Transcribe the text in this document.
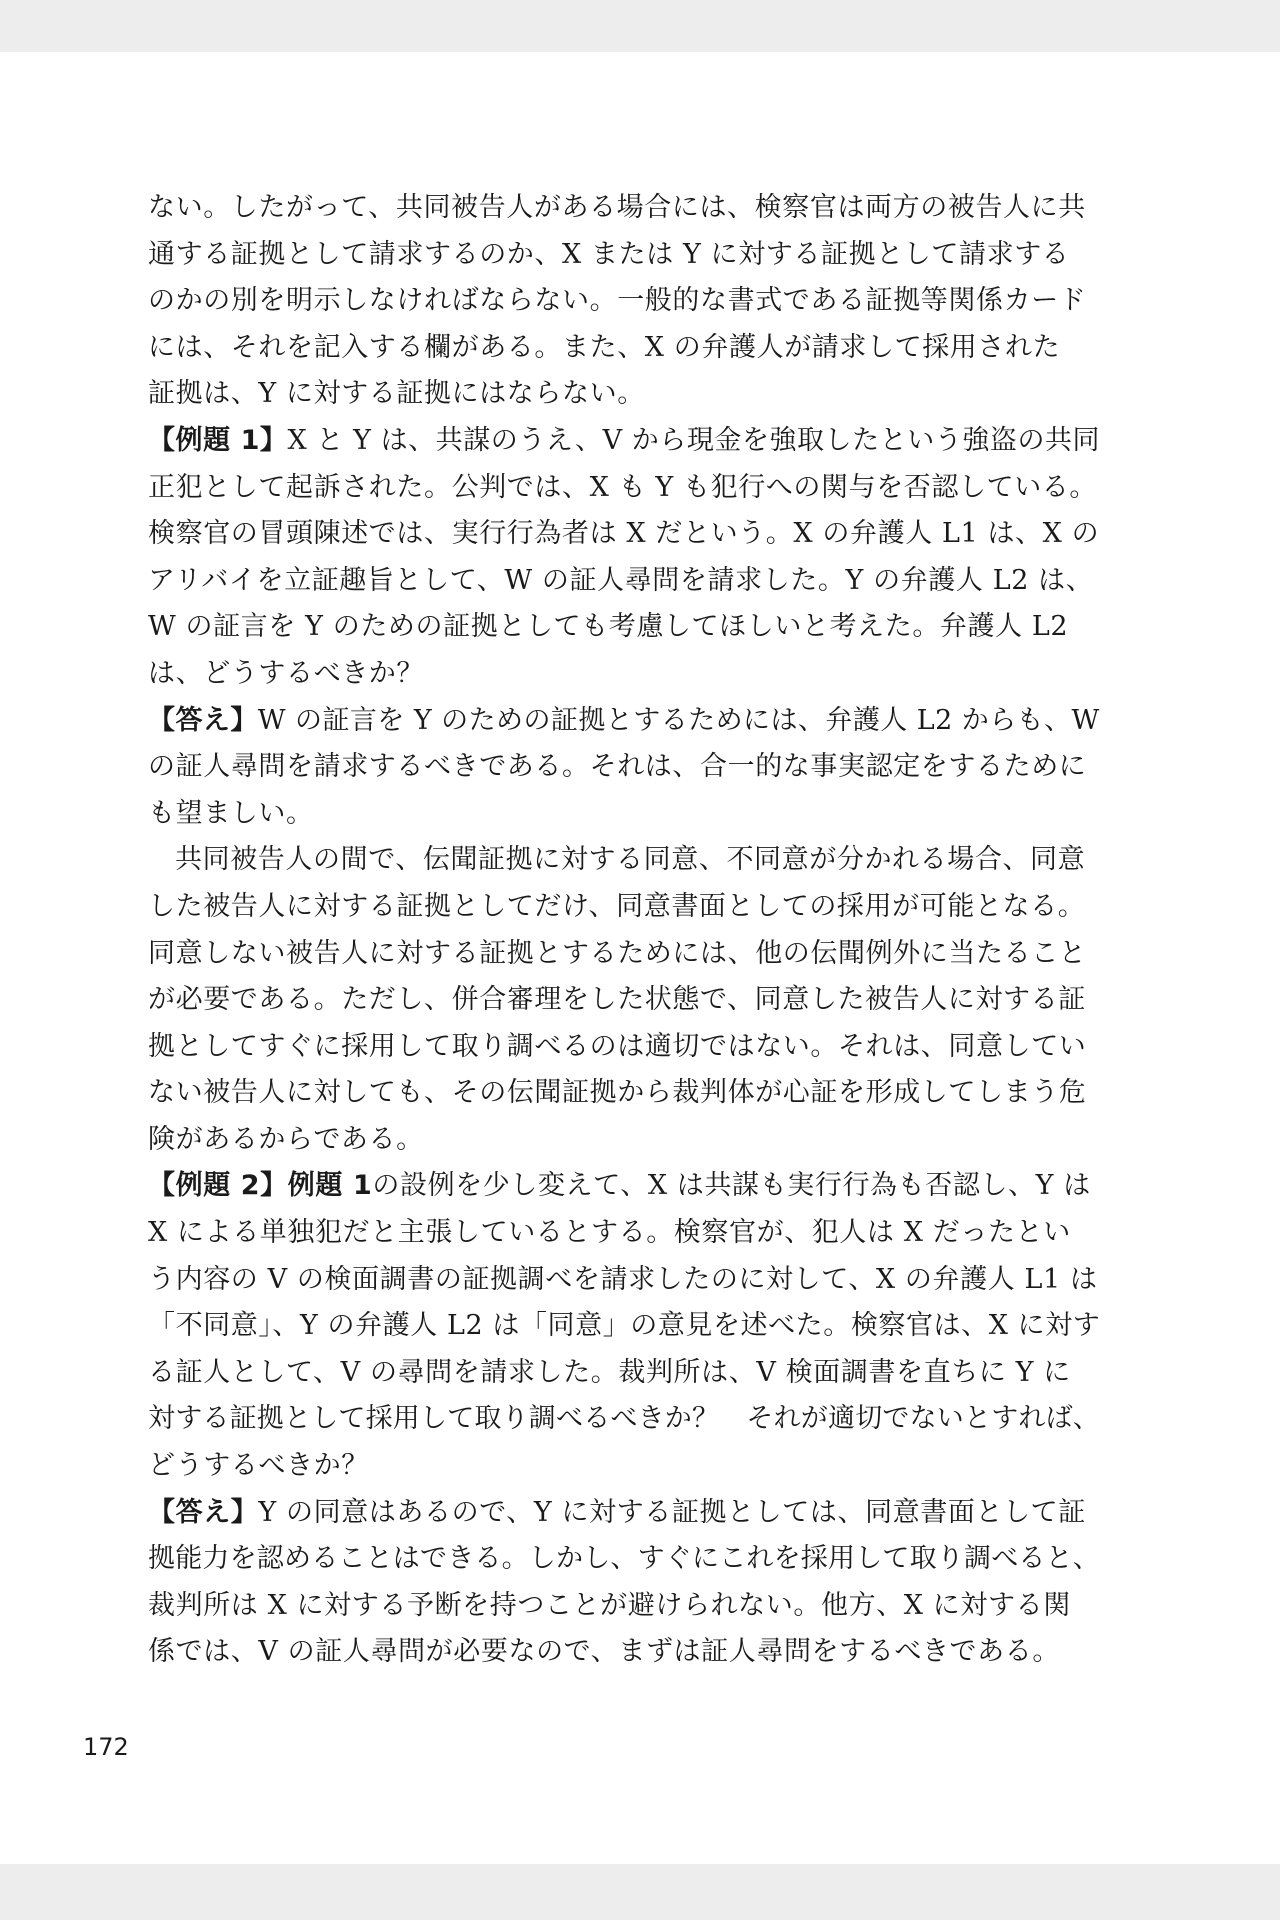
ない。したがって、共同被告人がある場合には、検察官は両方の被告人に共
通する証拠として請求するのか、X または Y に対する証拠として請求する
のかの別を明示しなければならない。一般的な書式である証拠等関係カード
には、それを記入する欄がある。また、X の弁護人が請求して採用された
証拠は、Y に対する証拠にはならない。
【例題 1】X と Y は、共謀のうえ、V から現金を強取したという強盗の共同
正犯として起訴された。公判では、X も Y も犯行への関与を否認している。
検察官の冒頭陳述では、実行行為者は X だという。X の弁護人 L1 は、X の
アリバイを立証趣旨として、W の証人尋問を請求した。Y の弁護人 L2 は、
W の証言を Y のための証拠としても考慮してほしいと考えた。弁護人 L2
は、どうするべきか？
【答え】W の証言を Y のための証拠とするためには、弁護人 L2 からも、W
の証人尋問を請求するべきである。それは、合一的な事実認定をするために
も望ましい。
共同被告人の間で、伝聞証拠に対する同意、不同意が分かれる場合、同意
した被告人に対する証拠としてだけ、同意書面としての採用が可能となる。
同意しない被告人に対する証拠とするためには、他の伝聞例外に当たること
が必要である。ただし、併合審理をした状態で、同意した被告人に対する証
拠としてすぐに採用して取り調べるのは適切ではない。それは、同意してい
ない被告人に対しても、その伝聞証拠から裁判体が心証を形成してしまう危
険があるからである。
【例題 2】例題 1の設例を少し変えて、X は共謀も実行行為も否認し、Y は
X による単独犯だと主張しているとする。検察官が、犯人は X だったとい
う内容の V の検面調書の証拠調べを請求したのに対して、X の弁護人 L1 は
「不同意」、Y の弁護人 L2 は「同意」の意見を述べた。検察官は、X に対す
る証人として、V の尋問を請求した。裁判所は、V 検面調書を直ちに Y に
対する証拠として採用して取り調べるべきか？　それが適切でないとすれば、
どうするべきか？
【答え】Y の同意はあるので、Y に対する証拠としては、同意書面として証
拠能力を認めることはできる。しかし、すぐにこれを採用して取り調べると、
裁判所は X に対する予断を持つことが避けられない。他方、X に対する関
係では、V の証人尋問が必要なので、まずは証人尋問をするべきである。
172
